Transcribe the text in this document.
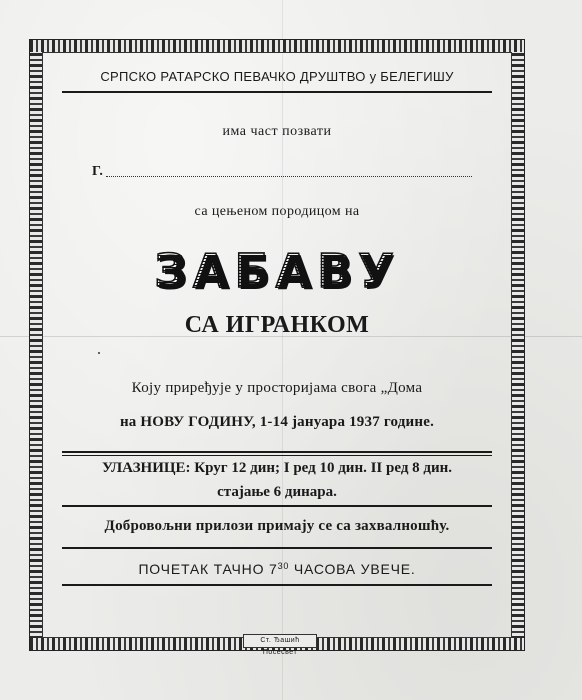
Ст. Ђашић Посесвет
СРПСКО РАТАРСКО ПЕВАЧКО ДРУШТВО у БЕЛЕГИШУ
има част позвати
Г.
са цењеном породицом на
ЗАБАВУ
СА ИГРАНКОМ
Коју приређује у просторијама свога „Дома
на НОВУ ГОДИНУ, 1-14 јануара 1937 године.
УЛАЗНИЦЕ: Круг 12 дин; I ред 10 дин. II ред 8 дин.
стајање 6 динара.
Добровољни прилози примају се са захвалношћу.
ПОЧЕТАК ТАЧНО $7^{30}$ ЧАСОВА УВЕЧЕ.
